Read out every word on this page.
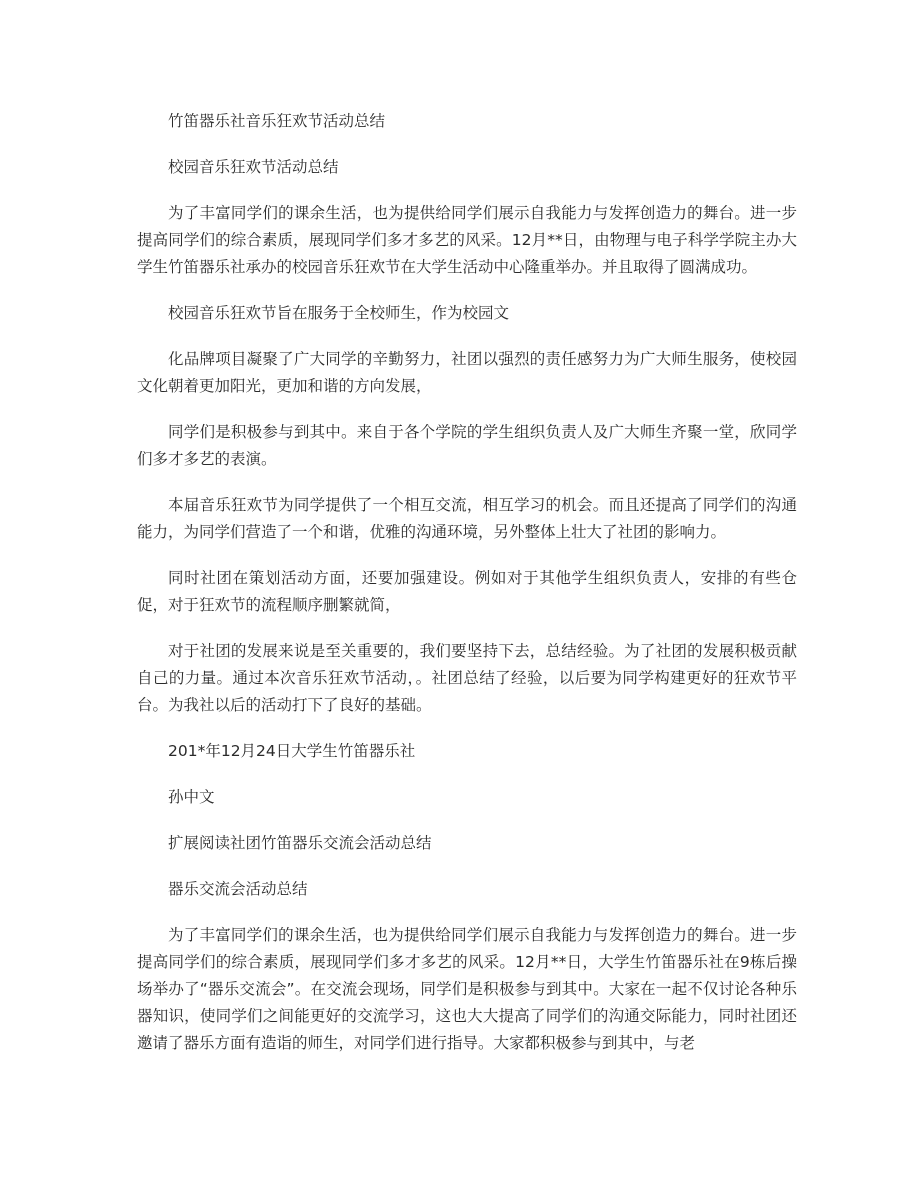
竹笛器乐社音乐狂欢节活动总结

校园音乐狂欢节活动总结

为了丰富同学们的课余生活，也为提供给同学们展示自我能力与发挥创造力的舞台。进一步提高同学们的综合素质，展现同学们多才多艺的风采。12月**日，由物理与电子科学学院主办大学生竹笛器乐社承办的校园音乐狂欢节在大学生活动中心隆重举办。并且取得了圆满成功。

校园音乐狂欢节旨在服务于全校师生，作为校园文

化品牌项目凝聚了广大同学的辛勤努力，社团以强烈的责任感努力为广大师生服务，使校园文化朝着更加阳光，更加和谐的方向发展，

同学们是积极参与到其中。来自于各个学院的学生组织负责人及广大师生齐聚一堂，欣同学们多才多艺的表演。

本届音乐狂欢节为同学提供了一个相互交流，相互学习的机会。而且还提高了同学们的沟通能力，为同学们营造了一个和谐，优雅的沟通环境，另外整体上壮大了社团的影响力。

同时社团在策划活动方面，还要加强建设。例如对于其他学生组织负责人，安排的有些仓促，对于狂欢节的流程顺序删繁就简，

对于社团的发展来说是至关重要的，我们要坚持下去，总结经验。为了社团的发展积极贡献自己的力量。通过本次音乐狂欢节活动，。社团总结了经验，以后要为同学构建更好的狂欢节平台。为我社以后的活动打下了良好的基础。

201*年12月24日大学生竹笛器乐社

孙中文

扩展阅读社团竹笛器乐交流会活动总结

器乐交流会活动总结

为了丰富同学们的课余生活，也为提供给同学们展示自我能力与发挥创造力的舞台。进一步提高同学们的综合素质，展现同学们多才多艺的风采。12月**日，大学生竹笛器乐社在9栋后操场举办了“器乐交流会”。在交流会现场，同学们是积极参与到其中。大家在一起不仅讨论各种乐器知识，使同学们之间能更好的交流学习，这也大大提高了同学们的沟通交际能力，同时社团还邀请了器乐方面有造诣的师生，对同学们进行指导。大家都积极参与到其中，与老
